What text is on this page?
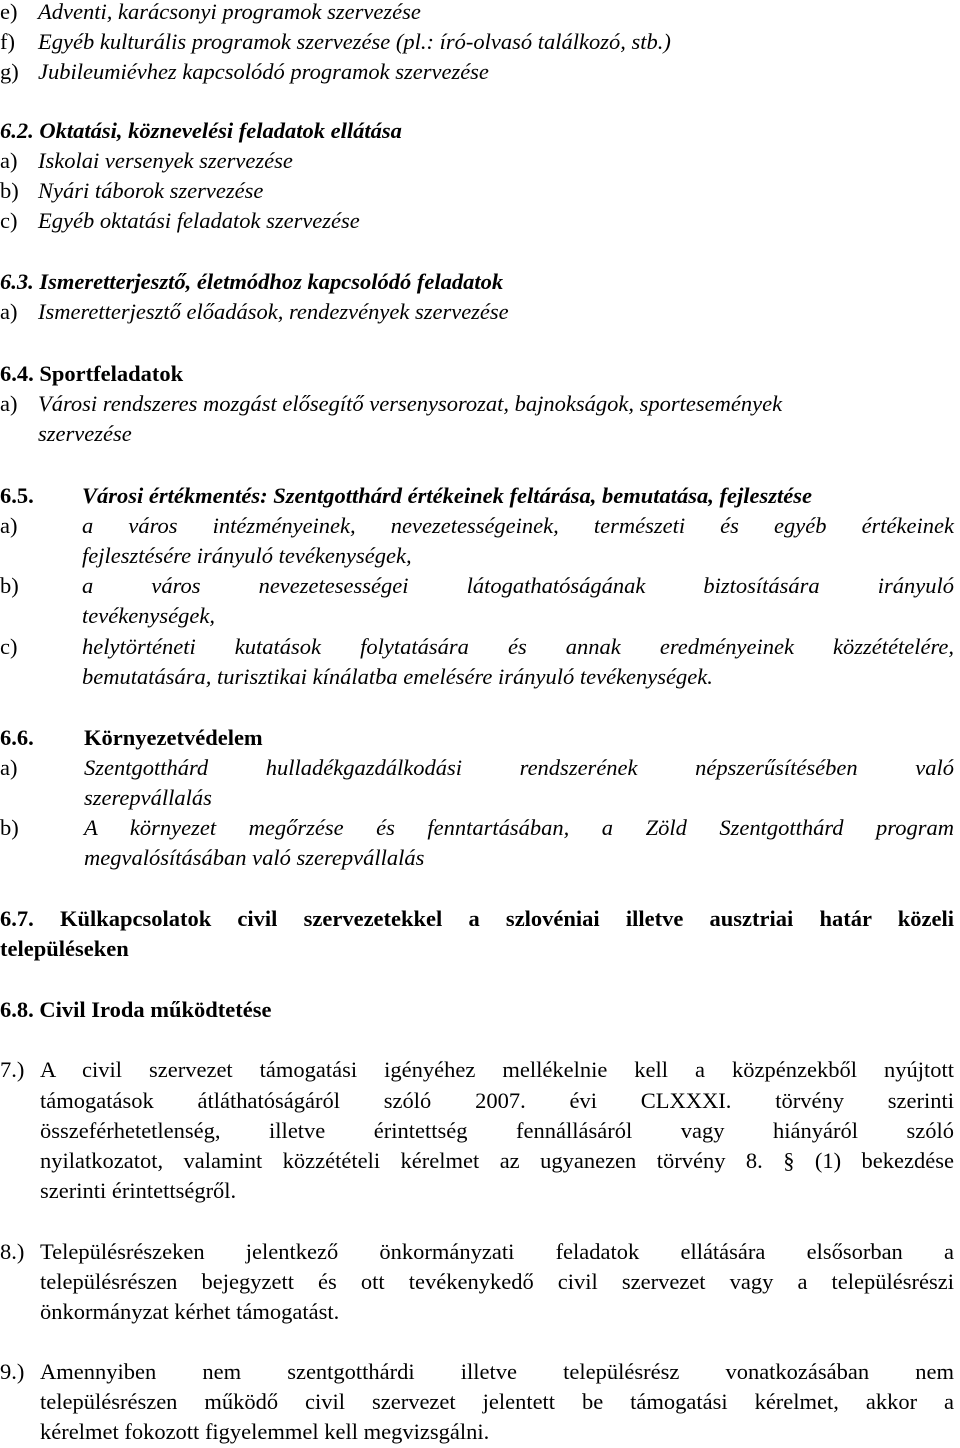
e) Adventi, karácsonyi programok szervezése
f) Egyéb kulturális programok szervezése (pl.: író-olvasó találkozó, stb.)
g) Jubileumiévhez kapcsolódó programok szervezése
6.2. Oktatási, köznevelési feladatok ellátása
a) Iskolai versenyek szervezése
b) Nyári táborok szervezése
c) Egyéb oktatási feladatok szervezése
6.3. Ismeretterjesztő, életmódhoz kapcsolódó feladatok
a) Ismeretterjesztő előadások, rendezvények szervezése
6.4. Sportfeladatok
a) Városi rendszeres mozgást elősegítő versenysorozat, bajnokságok, sportesemények
szervezése
6.5. Városi értékmentés: Szentgotthárd értékeinek feltárása, bemutatása, fejlesztése
a)	a város intézményeinek, nevezetességeinek, természeti és egyéb értékeinek
fejlesztésére irányuló tevékenységek,
b)	a város nevezetesességei látogathatóságának biztosítására irányuló
tevékenységek,
c)	helytörténeti kutatások folytatására és annak eredményeinek közzétételére,
bemutatására, turisztikai kínálatba emelésére irányuló tevékenységek.
6.6. Környezetvédelem
a)	Szentgotthárd hulladékgazdálkodási rendszerének népszerűsítésében való
szerepvállalás
b)	A környezet megőrzése és fenntartásában, a Zöld Szentgotthárd program
megvalósításában való szerepvállalás
6.7. Külkapcsolatok civil szervezetekkel a szlovéniai illetve ausztriai határ közeli
településeken
6.8. Civil Iroda működtetése
7.) A civil szervezet támogatási igényéhez mellékelnie kell a közpénzekből nyújtott
támogatások átláthatóságáról szóló 2007. évi CLXXXI. törvény szerinti
összeférhetetlenség, illetve érintettség fennállásáról vagy hiányáról szóló
nyilatkozatot, valamint közzétételi kérelmet az ugyanezen törvény 8. § (1) bekezdése
szerinti érintettségről.
8.) Településrészeken jelentkező önkormányzati feladatok ellátására elsősorban a
településrészen bejegyzett és ott tevékenykedő civil szervezet vagy a településrészi
önkormányzat kérhet támogatást.
9.) Amennyiben nem szentgotthárdi illetve településrész vonatkozásában nem
településrészen működő civil szervezet jelentett be támogatási kérelmet, akkor a
kérelmet fokozott figyelemmel kell megvizsgálni.
